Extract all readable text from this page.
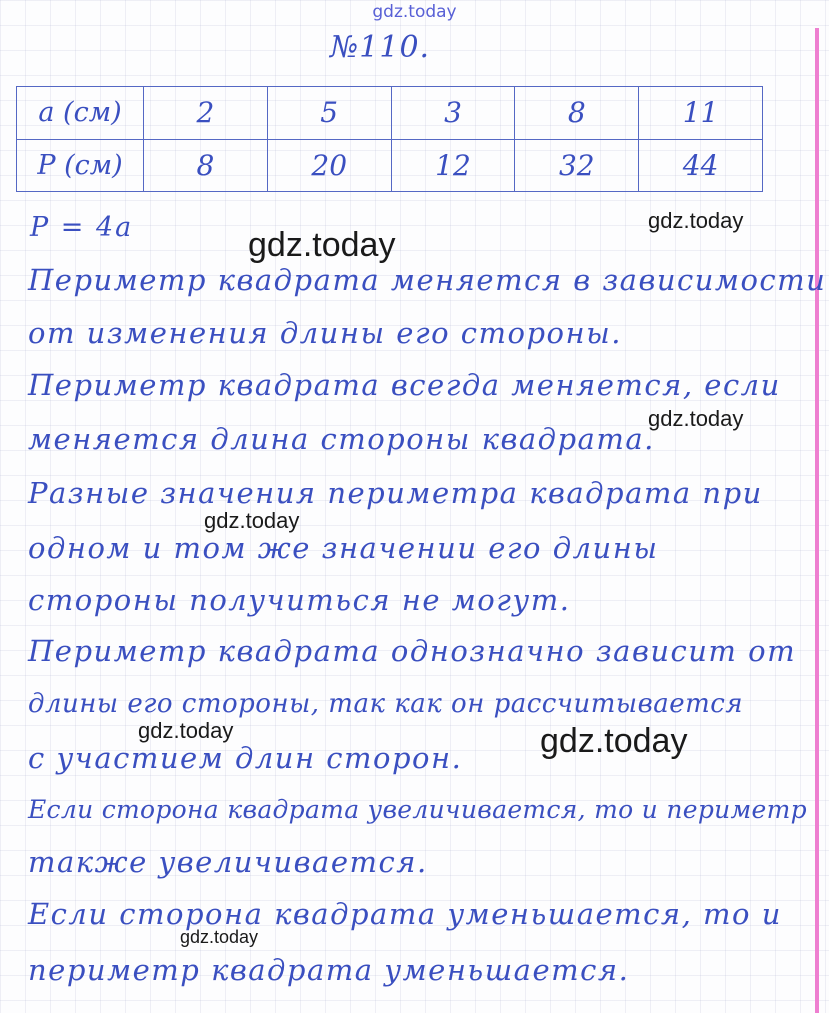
gdz.today
№110.
a (см)	2	5	3	8	11
P (см)	8	20	12	32	44
P = 4a
Периметр квадрата меняется в зависимости
от изменения длины его стороны.
Периметр квадрата всегда меняется, если
меняется длина стороны квадрата.
Разные значения периметра квадрата при
одном и том же значении его длины
стороны получиться не могут.
Периметр квадрата однозначно зависит от
длины его стороны, так как он рассчитывается
с участием длин сторон.
Если сторона квадрата увеличивается, то и периметр
также увеличивается.
Если сторона квадрата уменьшается, то и
периметр квадрата уменьшается.
gdz.today
gdz.today
gdz.today
gdz.today
gdz.today	gdz.today
gdz.today
